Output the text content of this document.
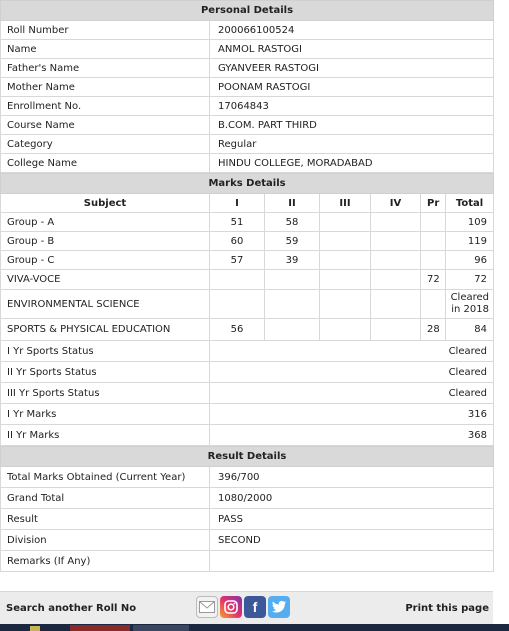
Personal Details	
Roll Number	200066100524
Name	ANMOL RASTOGI
Father's Name	GYANVEER RASTOGI
Mother Name	POONAM RASTOGI
Enrollment No.	17064843
Course Name	B.COM. PART THIRD
Category	Regular
College Name	HINDU COLLEGE, MORADABAD
Marks Details						
Subject	I	II	III	IV	Pr	Total
Group - A	51	58				109
Group - B	60	59				119
Group - C	57	39				96
VIVA-VOCE					72	72
ENVIRONMENTAL SCIENCE						Cleared in 2018
SPORTS & PHYSICAL EDUCATION	56				28	84
I Yr Sports Status	Cleared					
II Yr Sports Status	Cleared					
III Yr Sports Status	Cleared					
I Yr Marks	316					
II Yr Marks	368					
Result Details	
Total Marks Obtained (Current Year)	396/700
Grand Total	1080/2000
Result	PASS
Division	SECOND
Remarks (If Any)	
Search another Roll No	f	Print this page
